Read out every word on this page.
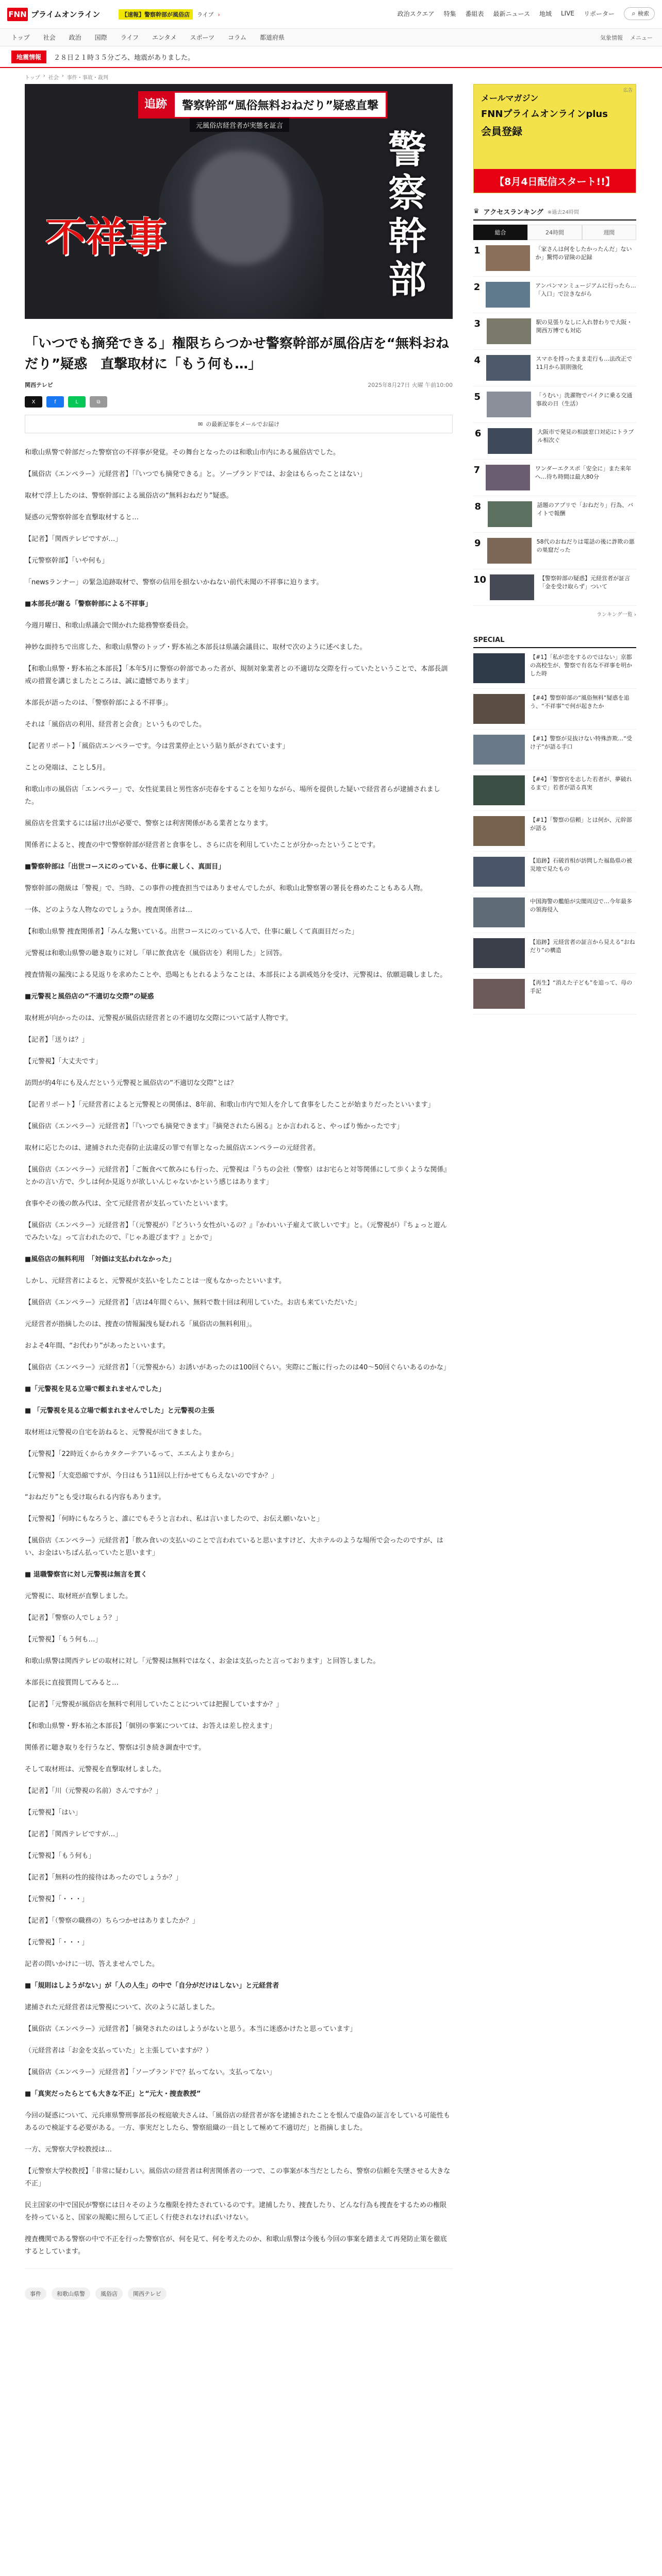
FNN プライムオンライン	【速報】警察幹部が風俗店	ライブ ›	政治スクエア 特集 番組表 最新ニュース 地域 LIVE リポーター	⌕ 検索
トップ 社会 政治 国際 ライフ エンタメ スポーツ コラム 都道府県	気象情報 メニュー
地震情報	２８日２１時３５分ごろ、地震がありました。
トップ › 社会 › 事件・事故・裁判
追跡	警察幹部“風俗無料おねだり”疑惑直撃
元風俗店経営者が実態を証言
警察幹部
不祥事
「いつでも摘発できる」権限ちらつかせ警察幹部が風俗店を“無料おねだり”疑惑　直撃取材に「もう何も…」
関西テレビ	2025年8月27日 火曜 午前10:00
X	f	L	⧉
✉ の最新記事をメールでお届け

和歌山県警で幹部だった警察官の不祥事が発覚。その舞台となったのは和歌山市内にある風俗店でした。

【風俗店《エンペラー》元経営者】「『いつでも摘発できる』と。ソープランドでは、お金はもらったことはない」

取材で浮上したのは、警察幹部による風俗店の“無料おねだり”疑惑。

疑惑の元警察幹部を直撃取材すると…

【記者】「関西テレビですが…」

【元警察幹部】「いや何も」

「newsランナー」の緊急追跡取材で、警察の信用を損ないかねない前代未聞の不祥事に迫ります。

■本部長が謝る「警察幹部による不祥事」

今週月曜日、和歌山県議会で開かれた総務警察委員会。

神妙な面持ちで出席した、和歌山県警のトップ・野本祐之本部長は県議会議員に、取材で次のように述べました。

【和歌山県警・野本祐之本部長】「本年5月に警察の幹部であった者が、規制対象業者との不適切な交際を行っていたということで、本部長訓戒の措置を講じましたところは、誠に遺憾であります」

本部長が語ったのは、「警察幹部による不祥事」。

それは「風俗店の利用、経営者と会食」というものでした。

【記者リポート】「風俗店エンペラーです。今は営業停止という貼り紙がされています」

ことの発端は、ことし5月。

和歌山市の風俗店「エンペラー」で、女性従業員と男性客が売春をすることを知りながら、場所を提供した疑いで経営者らが逮捕されました。

風俗店を営業するには届け出が必要で、警察とは利害関係がある業者となります。

関係者によると、捜査の中で警察幹部が経営者と食事をし、さらに店を利用していたことが分かったということです。

■警察幹部は「出世コースにのっている、仕事に厳しく、真面目」

警察幹部の階級は「警視」で、当時、この事件の捜査担当ではありませんでしたが、和歌山北警察署の署長を務めたこともある人物。

一体、どのような人物なのでしょうか。捜査関係者は…

【和歌山県警 捜査関係者】「みんな驚いている。出世コースにのっている人で、仕事に厳しくて真面目だった」

元警視は和歌山県警の聴き取りに対し「単に飲食店を（風俗店を）利用した」と回答。

捜査情報の漏洩による見返りを求めたことや、恐喝ともとれるようなことは、本部長による訓戒処分を受け、元警視は、依願退職しました。

■元警視と風俗店の“不適切な交際”の疑惑

取材班が向かったのは、元警視が風俗店経営者との不適切な交際について話す人物です。

【記者】「送りは？」

【元警視】「大丈夫です」

訪問が約4年にも及んだという元警視と風俗店の“不適切な交際”とは？

【記者リポート】「元経営者によると元警視との関係は、8年前、和歌山市内で知人を介して食事をしたことが始まりだったといいます」

【風俗店《エンペラー》元経営者】「『いつでも摘発できます』『摘発されたら困る』とか言われると、やっぱり怖かったです」

取材に応じたのは、逮捕された売春防止法違反の罪で有罪となった風俗店エンペラーの元経営者。

【風俗店《エンペラー》元経営者】「ご飯食べて飲みにも行った、元警視は『うちの会社（警察）はお宅らと対等関係にして歩くような関係』とかの言い方で、少しは何か見返りが欲しいんじゃないかという感じはあります」

食事やその後の飲み代は、全て元経営者が支払っていたといいます。

【風俗店《エンペラー》元経営者】「（元警視が）『どういう女性がいるの？』『かわいい子雇えて欲しいです』と。（元警視が）『ちょっと遊んでみたいな』って言われたので、『じゃあ遊びます？』とかで」

■風俗店の無料利用　「対価は支払われなかった」

しかし、元経営者によると、元警視が支払いをしたことは一度もなかったといいます。

【風俗店《エンペラー》元経営者】「店は4年間ぐらい、無料で数十回は利用していた。お店も来ていただいた」

元経営者が指摘したのは、捜査の情報漏洩も疑われる「風俗店の無料利用」。

およそ4年間、“お代わり”があったといいます。

【風俗店《エンペラー》元経営者】「（元警視から）お誘いがあったのは100回ぐらい。実際にご飯に行ったのは40～50回ぐらいあるのかな」

■「元警視を見る立場で頼まれませんでした」

■ 「元警視を見る立場で頼まれませんでした」と元警視の主張

取材班は元警視の自宅を訪ねると、元警視が出てきました。

【元警視】「22時近くからカタクーテアいるって、エエんよりまから」

【元警視】「大変恐縮ですが、今日はもう11回以上行かせてもらえないのですか？」

“おねだり”とも受け取られる内容もあります。

【元警視】「何時にもなろうと、誰にでもそうと言われ、私は言いましたので、お伝え願いないと」

【風俗店《エンペラー》元経営者】「飲み食いの支払いのことで言われていると思いますけど、大ホテルのような場所で会ったのですが、はい、お金はいちばん払っていたと思います」

■ 退職警察官に対し元警視は無言を貫く

元警視に、取材班が直撃しました。

【記者】「警察の人でしょう？」

【元警視】「もう何も…」

和歌山県警は関西テレビの取材に対し「元警視は無料ではなく、お金は支払ったと言っております」と回答しました。

本部長に直接質問してみると…

【記者】「元警視が風俗店を無料で利用していたことについては把握していますか？」

【和歌山県警・野本祐之本部長】「個別の事案については、お答えは差し控えます」

関係者に聴き取りを行うなど、警察は引き続き調査中です。

そして取材班は、元警視を直撃取材しました。

【記者】「川（元警視の名前）さんですか？」

【元警視】「はい」

【記者】「関西テレビですが…」

【元警視】「もう何も」

【記者】「無料の性的接待はあったのでしょうか？」

【元警視】「・・・」

【記者】「（警察の職務の）ちらつかせはありましたか？」

【元警視】「・・・」

記者の問いかけに一切、答えませんでした。

■「規則はしようがない」が「人の人生」の中で「自分がだけはしない」と元経営者

逮捕された元経営者は元警視について、次のように話しました。

【風俗店《エンペラー》元経営者】「摘発されたのはしようがないと思う。本当に迷惑かけたと思っています」

（元経営者は「お金を支払っていた」と主張していますが？）

【風俗店《エンペラー》元経営者】「ソープランドで？払ってない。支払ってない」

■「真実だったらとても大きな不正」と“元大・捜査教授”

今回の疑惑について、元兵庫県警刑事部長の桜庭敏夫さんは、「風俗店の経営者が客を逮捕されたことを恨んで虚偽の証言をしている可能性もあるので検証する必要がある。一方、事実だとしたら、警察組織の一員として極めて不適切だ」と指摘しました。

一方、元警察大学校教授は…

【元警察大学校教授】「非常に疑わしい。風俗店の経営者は利害関係者の一つで、この事案が本当だとしたら、警察の信頼を失墜させる大きな不正」

民主国家の中で国民が警察には日々そのような権限を持たされているのです。逮捕したり、捜査したり、どんな行為も捜査をするための権限を持っていると、国家の規範に照らして正しく行使されなければいけない。

捜査機関である警察の中で不正を行った警察官が、何を見て、何を考えたのか、和歌山県警は今後も今回の事案を踏まえて再発防止策を徹底するとしています。

事件	和歌山県警	風俗店	関西テレビ
広告
メールマガジン
FNNプライムオンラインplus
会員登録
【8月4日配信スタート!!】
♛ アクセスランキング ※過去24時間
総合	24時間	週間
1	「家さんは何をしたかったんだ」ないか」驚愕の冒険の記録
2	アンパンマンミュージアムに行ったら…「入口」で泣きながら
3	駅の見張りなしに入れ替わりで大阪・関西万博でも対応
4	スマホを持ったまま走行も…法改正で11月から罰則強化
5	「うむい」洗濯物でバイクに乗る交通事故の日（生活）
6	大阪市で発見の相談窓口対応にトラブル相次ぐ
7	ワンダーエクスポ「安全に」また来年へ…待ち時間は最大80分
8	話題のアプリで「おねだり」行為、バイトで報酬
9	58代のおねだりは電話の後に詐欺の悪の巣窟だった
10	【警察幹部の疑惑】元経営者が証言 「金を受け取らず」ついて
ランキング一覧 ›
SPECIAL
【#1】「私が恋をするのではない」京都の高校生が、警察で有名な不祥事を明かした時
【#4】警察幹部の“風俗無料”疑惑を追う、“不祥事”で何が起きたか
【#1】警察が見抜けない特殊詐欺…“受け子”が語る手口
【#4】「警察官を志した若者が、夢破れるまで」若者が語る真実
【#1】「警察の信頼」とは何か、元幹部が語る
【追跡】石破首相が訪問した福島県の被災地で見たもの
中国海警の艦船が尖閣周辺で…今年最多の領海侵入
【追跡】元経営者の証言から見える“おねだり”の構造
【再生】“消えた子ども”を追って、母の手記
